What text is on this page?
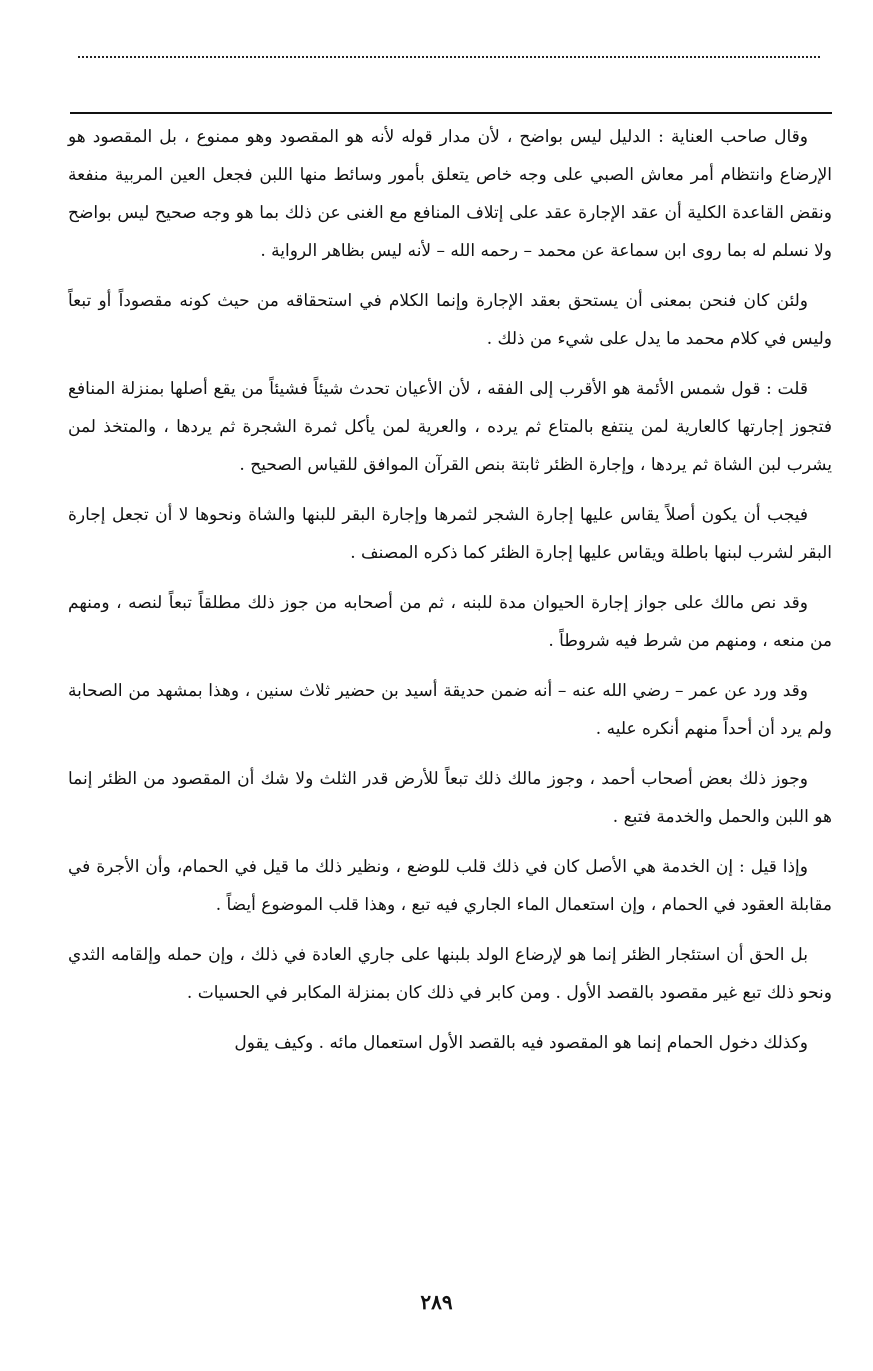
وقال صاحب العناية : الدليل ليس بواضح ، لأن مدار قوله لأنه هو المقصود وهو ممنوع ، بل المقصود هو الإرضاع وانتظام أمر معاش الصبي على وجه خاص يتعلق بأمور وسائط منها اللبن فجعل العين المربية منفعة ونقض القاعدة الكلية أن عقد الإجارة عقد على إتلاف المنافع مع الغنى عن ذلك بما هو وجه صحيح ليس بواضح ولا نسلم له بما روى ابن سماعة عن محمد – رحمه الله – لأنه ليس بظاهر الرواية .

ولئن كان فنحن بمعنى أن يستحق بعقد الإجارة وإنما الكلام في استحقاقه من حيث كونه مقصوداً أو تبعاً وليس في كلام محمد ما يدل على شيء من ذلك .

قلت : قول شمس الأئمة هو الأقرب إلى الفقه ، لأن الأعيان تحدث شيئاً فشيئاً من يقع أصلها بمنزلة المنافع فتجوز إجارتها كالعارية لمن ينتفع بالمتاع ثم يرده ، والعرية لمن يأكل ثمرة الشجرة ثم يردها ، والمتخذ لمن يشرب لبن الشاة ثم يردها ، وإجارة الظئر ثابتة بنص القرآن الموافق للقياس الصحيح .

فيجب أن يكون أصلاً يقاس عليها إجارة الشجر لثمرها وإجارة البقر للبنها والشاة ونحوها لا أن تجعل إجارة البقر لشرب لبنها باطلة ويقاس عليها إجارة الظئر كما ذكره المصنف .

وقد نص مالك على جواز إجارة الحيوان مدة للبنه ، ثم من أصحابه من جوز ذلك مطلقاً تبعاً لنصه ، ومنهم من منعه ، ومنهم من شرط فيه شروطاً .

وقد ورد عن عمر – رضي الله عنه – أنه ضمن حديقة أسيد بن حضير ثلاث سنين ، وهذا بمشهد من الصحابة ولم يرد أن أحداً منهم أنكره عليه .

وجوز ذلك بعض أصحاب أحمد ، وجوز مالك ذلك تبعاً للأرض قدر الثلث ولا شك أن المقصود من الظئر إنما هو اللبن والحمل والخدمة فتبع .

وإذا قيل : إن الخدمة هي الأصل كان في ذلك قلب للوضع ، ونظير ذلك ما قيل في الحمام، وأن الأجرة في مقابلة العقود في الحمام ، وإن استعمال الماء الجاري فيه تبع ، وهذا قلب الموضوع أيضاً .

بل الحق أن استئجار الظئر إنما هو لإرضاع الولد بلبنها على جاري العادة في ذلك ، وإن حمله وإلقامه الثدي ونحو ذلك تبع غير مقصود بالقصد الأول . ومن كابر في ذلك كان بمنزلة المكابر في الحسيات .

وكذلك دخول الحمام إنما هو المقصود فيه بالقصد الأول استعمال مائه . وكيف يقول

٢٨٩
